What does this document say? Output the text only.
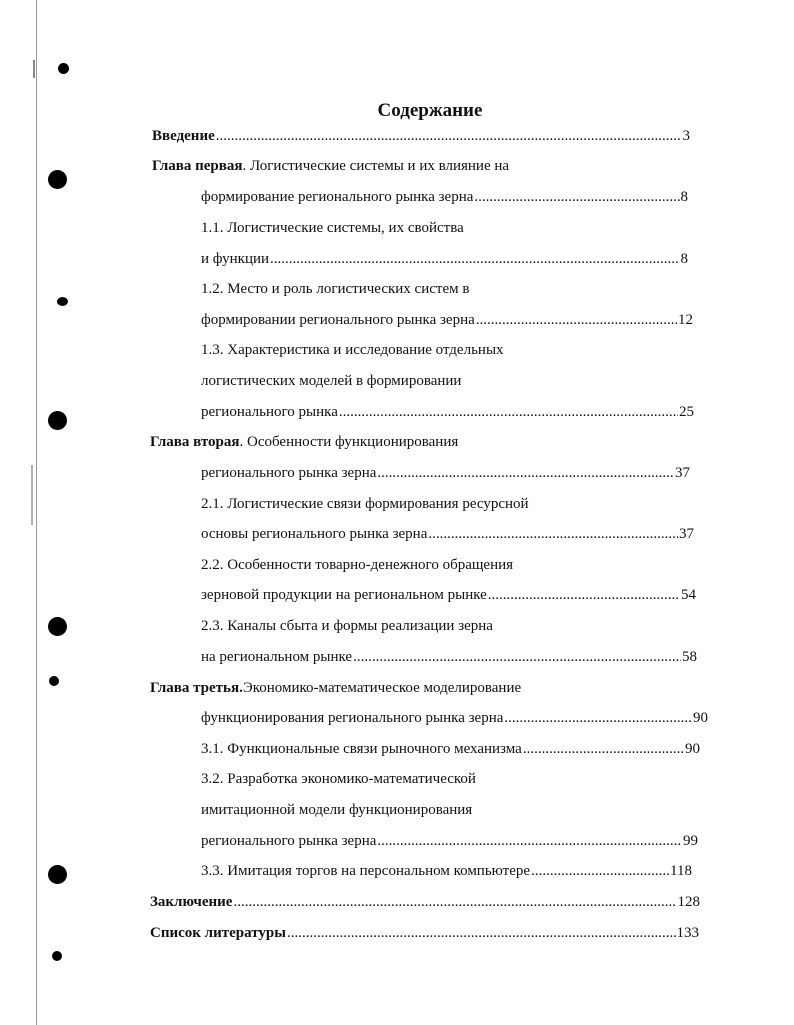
Содержание
Введение .....	3
Глава первая . Логистические системы и их влияние на
формирование регионального рынка зерна .....	8
1.1. Логистические системы, их свойства
и функции .....	8
1.2. Место и роль логистических систем в
формировании регионального рынка зерна .....	12
1.3. Характеристика и исследование отдельных
логистических моделей в формировании
регионального рынка .....	25
Глава вторая . Особенности функционирования
регионального рынка зерна .....	37
2.1. Логистические связи формирования ресурсной
основы регионального рынка зерна .....	37
2.2. Особенности товарно-денежного обращения
зерновой продукции на региональном рынке .....	54
2.3. Каналы сбыта и формы реализации зерна
на региональном рынке .....	58
Глава третья. Экономико-математическое моделирование
функционирования регионального рынка зерна .....	90
3.1. Функциональные связи рыночного механизма .....	90
3.2. Разработка экономико-математической
имитационной модели функционирования
регионального рынка зерна .....	99
3.3. Имитация торгов на персональном компьютере .....	118
Заключение .....	128
Список литературы .....	133
